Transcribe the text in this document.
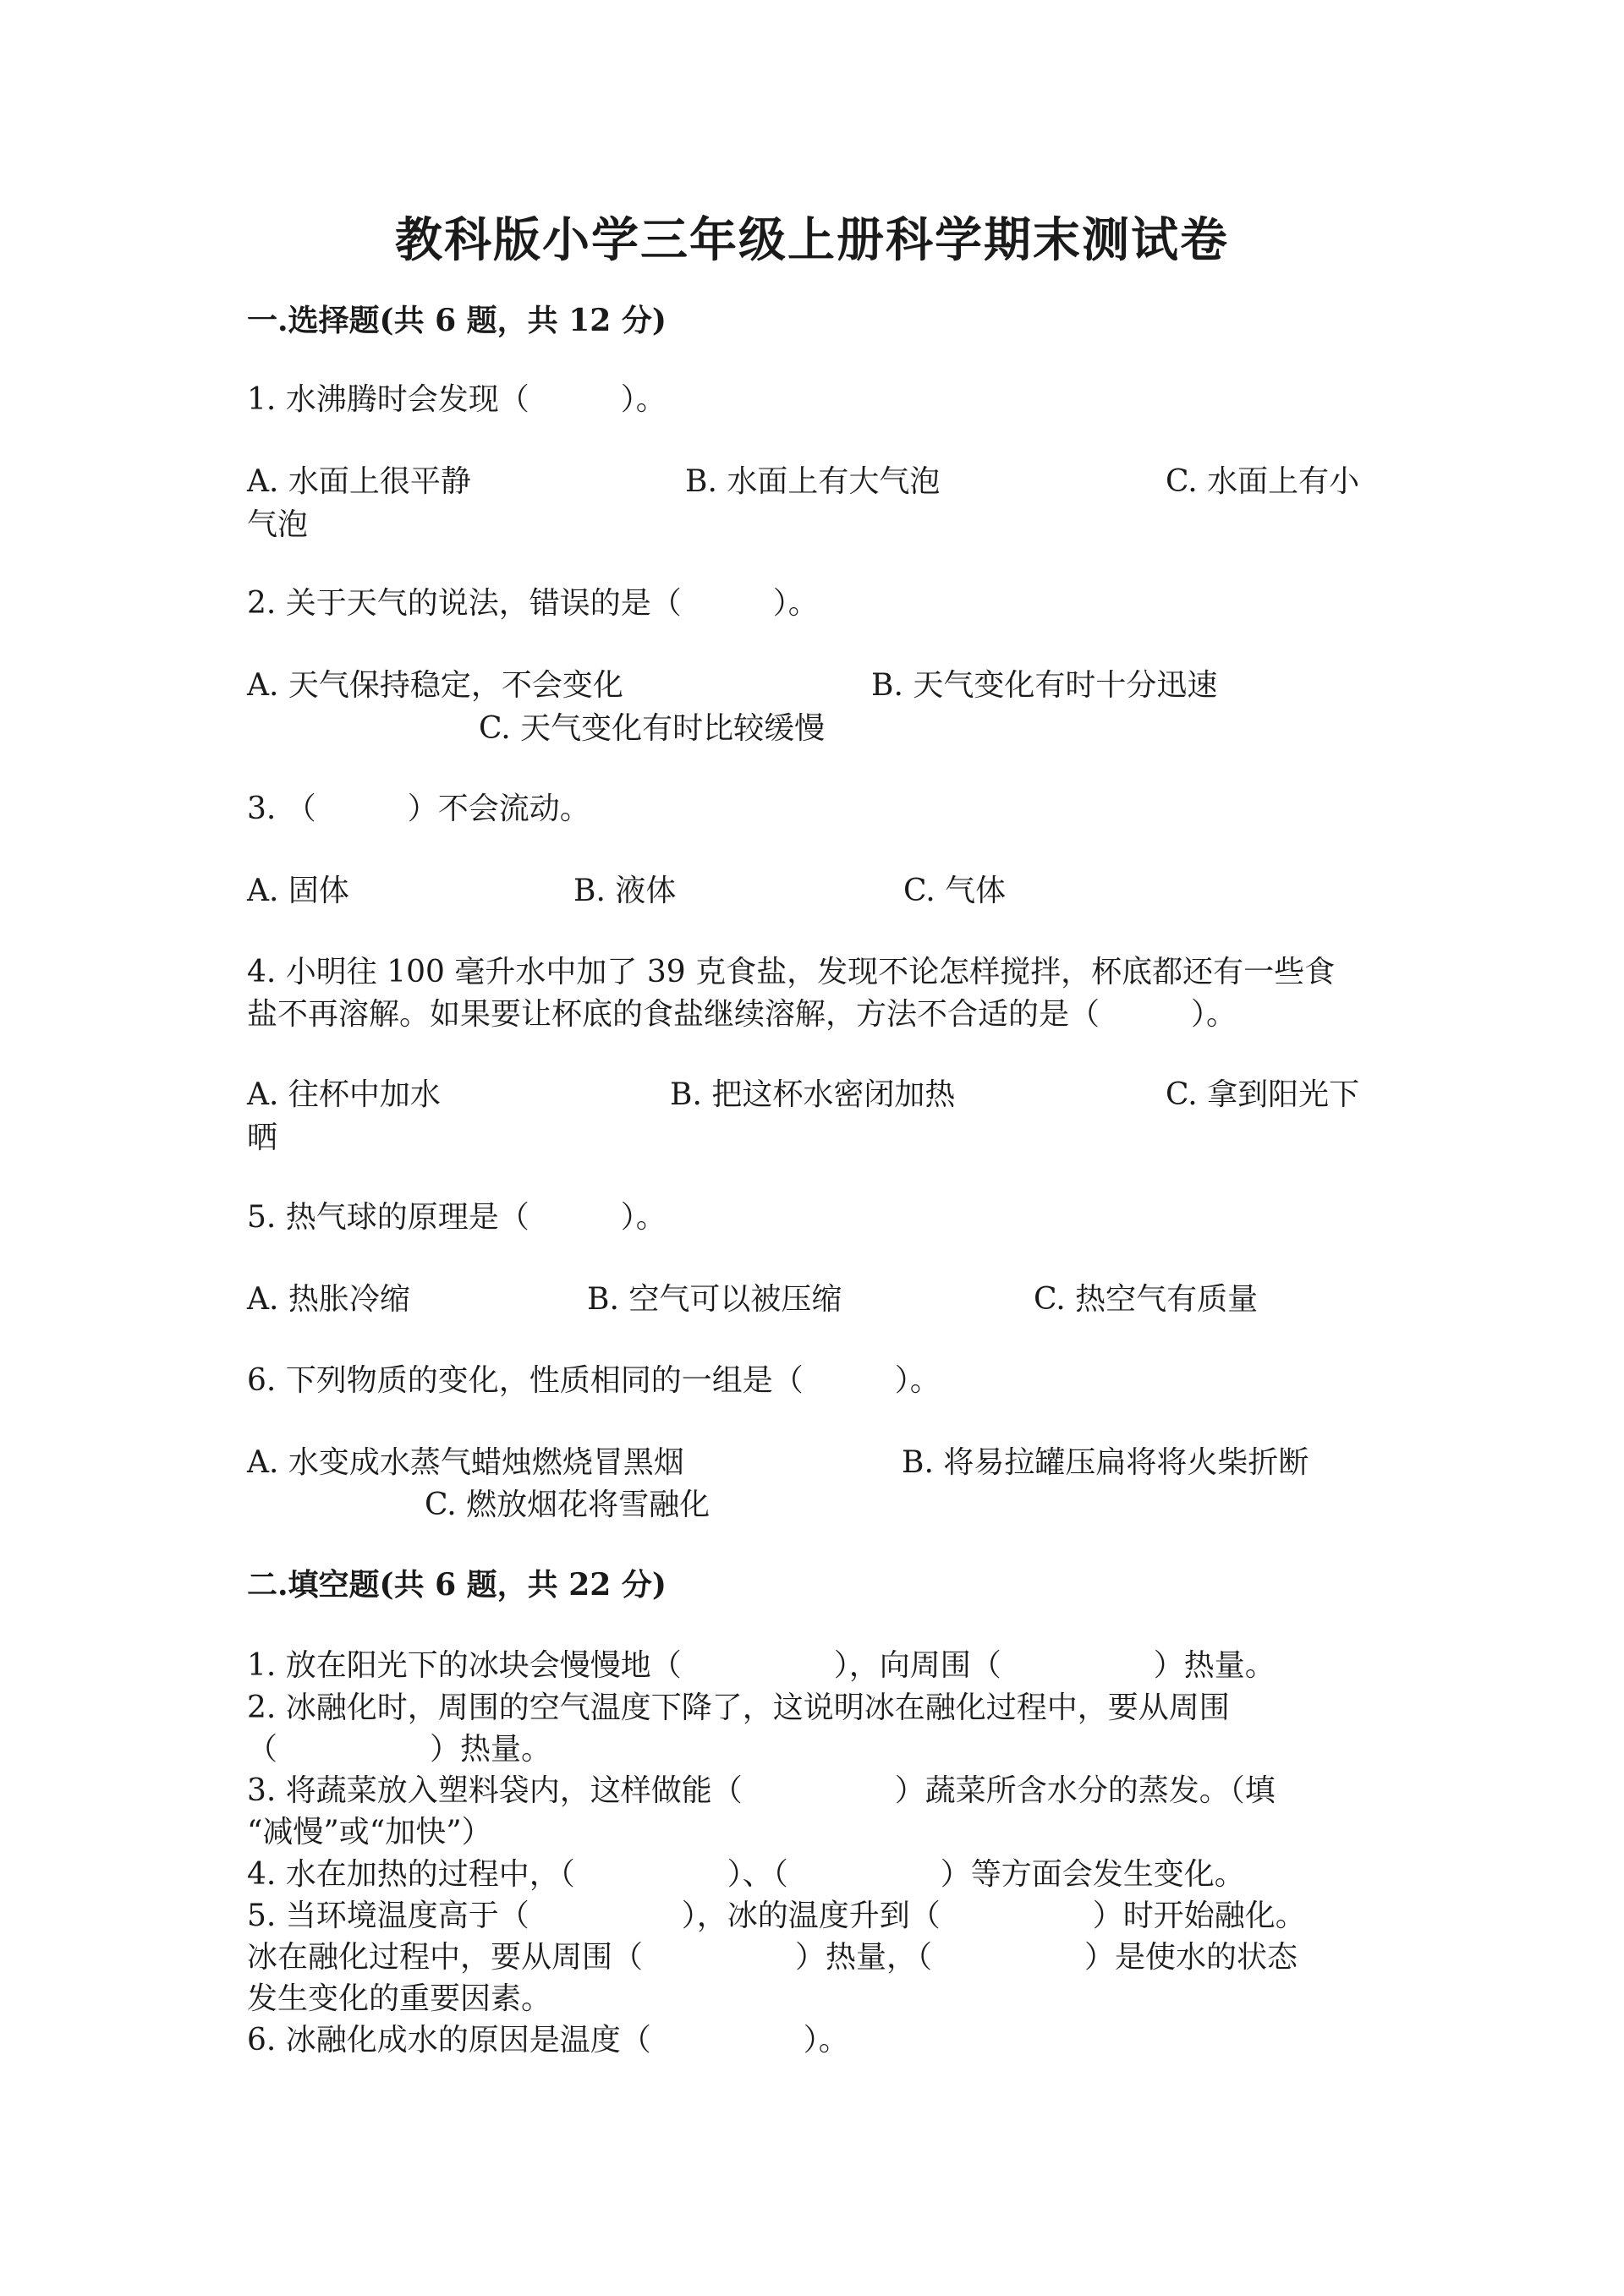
教科版小学三年级上册科学期末测试卷
一.选择题(共 6 题，共 12 分)
1. 水沸腾时会发现（　　　）。
A. 水面上很平静	B. 水面上有大气泡	C. 水面上有小
气泡
2. 关于天气的说法，错误的是（　　　）。
A. 天气保持稳定，不会变化	B. 天气变化有时十分迅速
C. 天气变化有时比较缓慢
3. （　　　）不会流动。
A. 固体	B. 液体	C. 气体
4. 小明往 100 毫升水中加了 39 克食盐，发现不论怎样搅拌，杯底都还有一些食
盐不再溶解。如果要让杯底的食盐继续溶解，方法不合适的是（　　　）。
A. 往杯中加水	B. 把这杯水密闭加热	C. 拿到阳光下
晒
5. 热气球的原理是（　　　）。
A. 热胀冷缩	B. 空气可以被压缩	C. 热空气有质量
6. 下列物质的变化，性质相同的一组是（　　　）。
A. 水变成水蒸气蜡烛燃烧冒黑烟	B. 将易拉罐压扁将将火柴折断
C. 燃放烟花将雪融化
二.填空题(共 6 题，共 22 分)
1. 放在阳光下的冰块会慢慢地（　　　　　），向周围（　　　　　）热量。
2. 冰融化时，周围的空气温度下降了，这说明冰在融化过程中，要从周围
（　　　　　）热量。
3. 将蔬菜放入塑料袋内，这样做能（　　　　　）蔬菜所含水分的蒸发。（填
“减慢”或“加快”）
4. 水在加热的过程中，（　　　　　）、（　　　　　）等方面会发生变化。
5. 当环境温度高于（　　　　　），冰的温度升到（　　　　　）时开始融化。
冰在融化过程中，要从周围（　　　　　）热量，（　　　　　）是使水的状态
发生变化的重要因素。
6. 冰融化成水的原因是温度（　　　　　）。
